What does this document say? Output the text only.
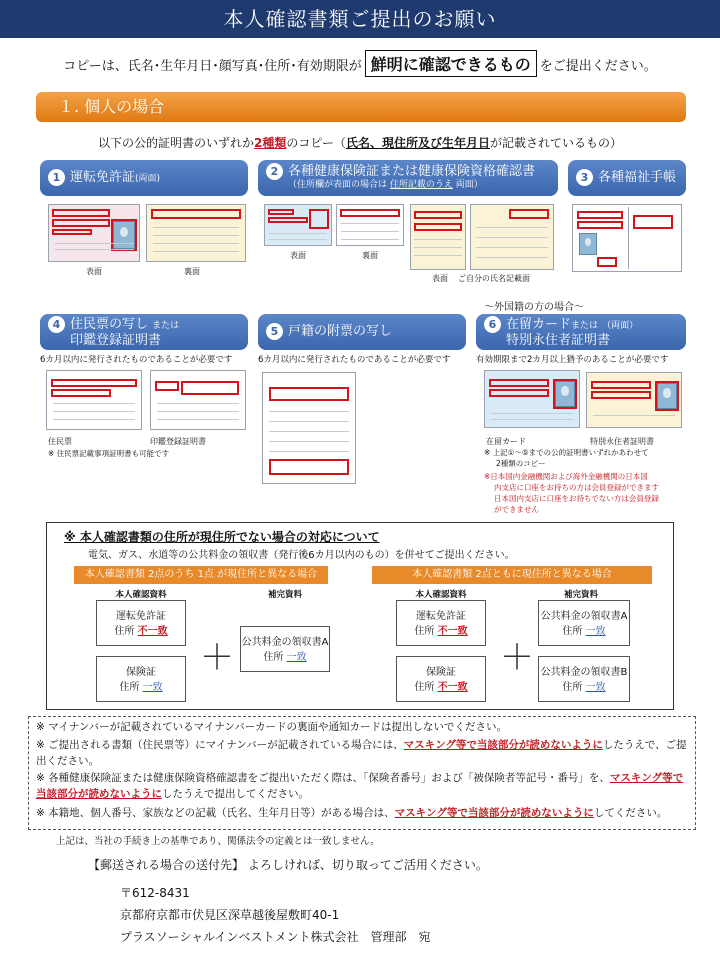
本人確認書類ご提出のお願い
コピーは、氏名･生年月日･顔写真･住所･有効期限が 鮮明に確認できるもの をご提出ください。
１. 個人の場合
以下の公的証明書のいずれか2種類のコピー（氏名、現住所及び生年月日が記載されているもの）
1 運転免許証(両面)
2 各種健康保険証または健康保険資格確認書
（住所欄が表面の場合は 住所記載のうえ 両面）
3 各種福祉手帳
表面	裏面
表面	裏面
表面 ご自分の氏名記載面
4 住民票の写し または
印鑑登録証明書
5 戸籍の附票の写し
～外国籍の方の場合～
6 在留カードまたは （両面）
特別永住者証明書
6カ月以内に発行されたものであることが必要です	6カ月以内に発行されたものであることが必要です	有効期限まで2カ月以上猶予のあることが必要です
住民票	印鑑登録証明書
※ 住民票記載事項証明書も可能です
在留カード	特別永住者証明書
※ 上記①～⑤までの公的証明書いずれかあわせて
2種類のコピー
※日本国内金融機関および海外金融機関の日本国
内支店に口座をお持ちの方は会員登録ができます
日本国内支店に口座をお持ちでない方は会員登録
ができません
※ 本人確認書類の住所が現住所でない場合の対応について
電気、ガス、水道等の公共料金の領収書（発行後6カ月以内のもの）を併せてご提出ください。
本人確認書類 2点のうち 1点 が現住所と異なる場合	本人確認書類 2点ともに現住所と異なる場合
本人確認資料	補完資料	本人確認資料	補完資料
運転免許証
住所 不一致
保険証
住所 一致
＋ 公共料金の領収書A
住所 一致
運転免許証
住所 不一致
保険証
住所 不一致
＋
公共料金の領収書A
住所 一致
公共料金の領収書B
住所 一致
※ マイナンバーが記載されているマイナンバーカードの裏面や通知カードは提出しないでください。
※ ご提出される書類（住民票等）にマイナンバーが記載されている場合には、マスキング等で当該部分が読めないようにしたうえで、ご提出ください。
※ 各種健康保険証または健康保険資格確認書をご提出いただく際は、「保険者番号」および「被保険者等記号・番号」を、マスキング等で当該部分が読めないようにしたうえで提出してください。
※ 本籍地、個人番号、家族などの記載（氏名、生年月日等）がある場合は、マスキング等で当該部分が読めないようにしてください。
上記は、当社の手続き上の基準であり、関係法令の定義とは一致しません。
【郵送される場合の送付先】 よろしければ、切り取ってご活用ください。
〒612-8431
京都府京都市伏見区深草越後屋敷町40-1
プラスソーシャルインベストメント株式会社　管理部　宛
